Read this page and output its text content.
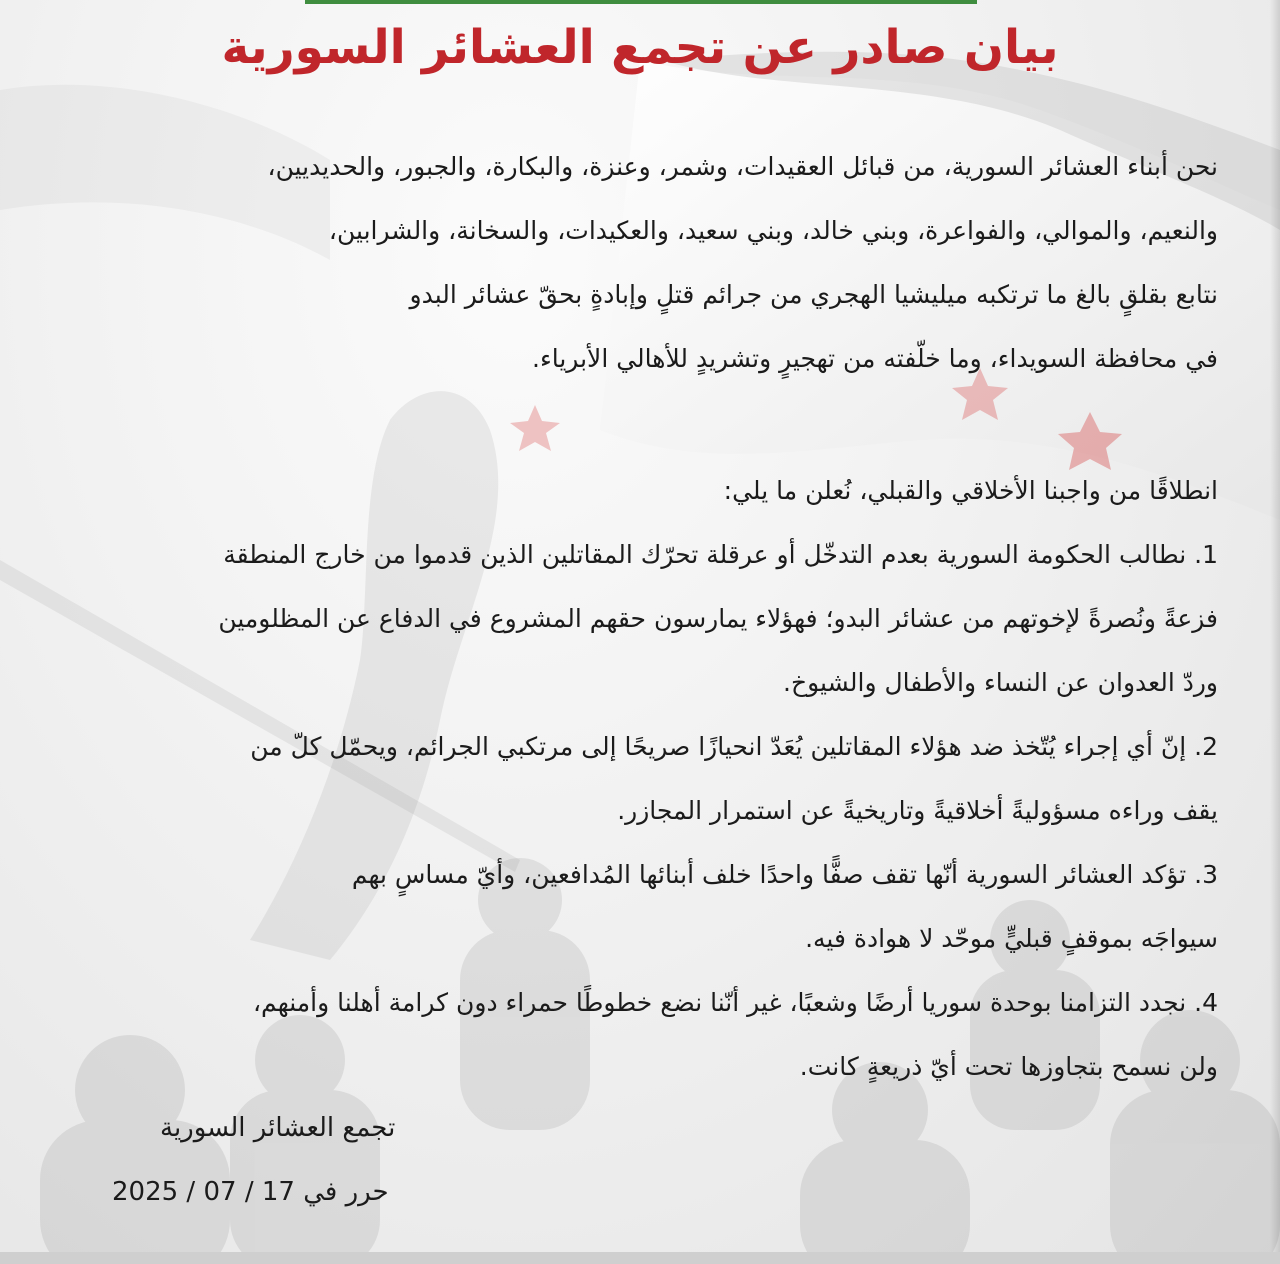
بيان صادر عن تجمع العشائر السورية
نحن أبناء العشائر السورية، من قبائل العقيدات، وشمر، وعنزة، والبكارة، والجبور، والحديديين،
والنعيم، والموالي، والفواعرة، وبني خالد، وبني سعيد، والعكيدات، والسخانة، والشرابين،
نتابع بقلقٍ بالغ ما ترتكبه ميليشيا الهجري من جرائم قتلٍ وإبادةٍ بحقّ عشائر البدو
في محافظة السويداء، وما خلّفته من تهجيرٍ وتشريدٍ للأهالي الأبرياء.
انطلاقًا من واجبنا الأخلاقي والقبلي، نُعلن ما يلي:
1. نطالب الحكومة السورية بعدم التدخّل أو عرقلة تحرّك المقاتلين الذين قدموا من خارج المنطقة
فزعةً ونُصرةً لإخوتهم من عشائر البدو؛ فهؤلاء يمارسون حقهم المشروع في الدفاع عن المظلومين
وردّ العدوان عن النساء والأطفال والشيوخ.
2. إنّ أي إجراء يُتّخذ ضد هؤلاء المقاتلين يُعَدّ انحيازًا صريحًا إلى مرتكبي الجرائم، ويحمّل كلّ من
يقف وراءه مسؤوليةً أخلاقيةً وتاريخيةً عن استمرار المجازر.
3. تؤكد العشائر السورية أنّها تقف صفًّا واحدًا خلف أبنائها المُدافعين، وأيّ مساسٍ بهم
سيواجَه بموقفٍ قبليٍّ موحّد لا هوادة فيه.
4. نجدد التزامنا بوحدة سوريا أرضًا وشعبًا، غير أنّنا نضع خطوطًا حمراء دون كرامة أهلنا وأمنهم،
ولن نسمح بتجاوزها تحت أيّ ذريعةٍ كانت.
تجمع العشائر السورية
حرر في 17 / 07 / 2025
